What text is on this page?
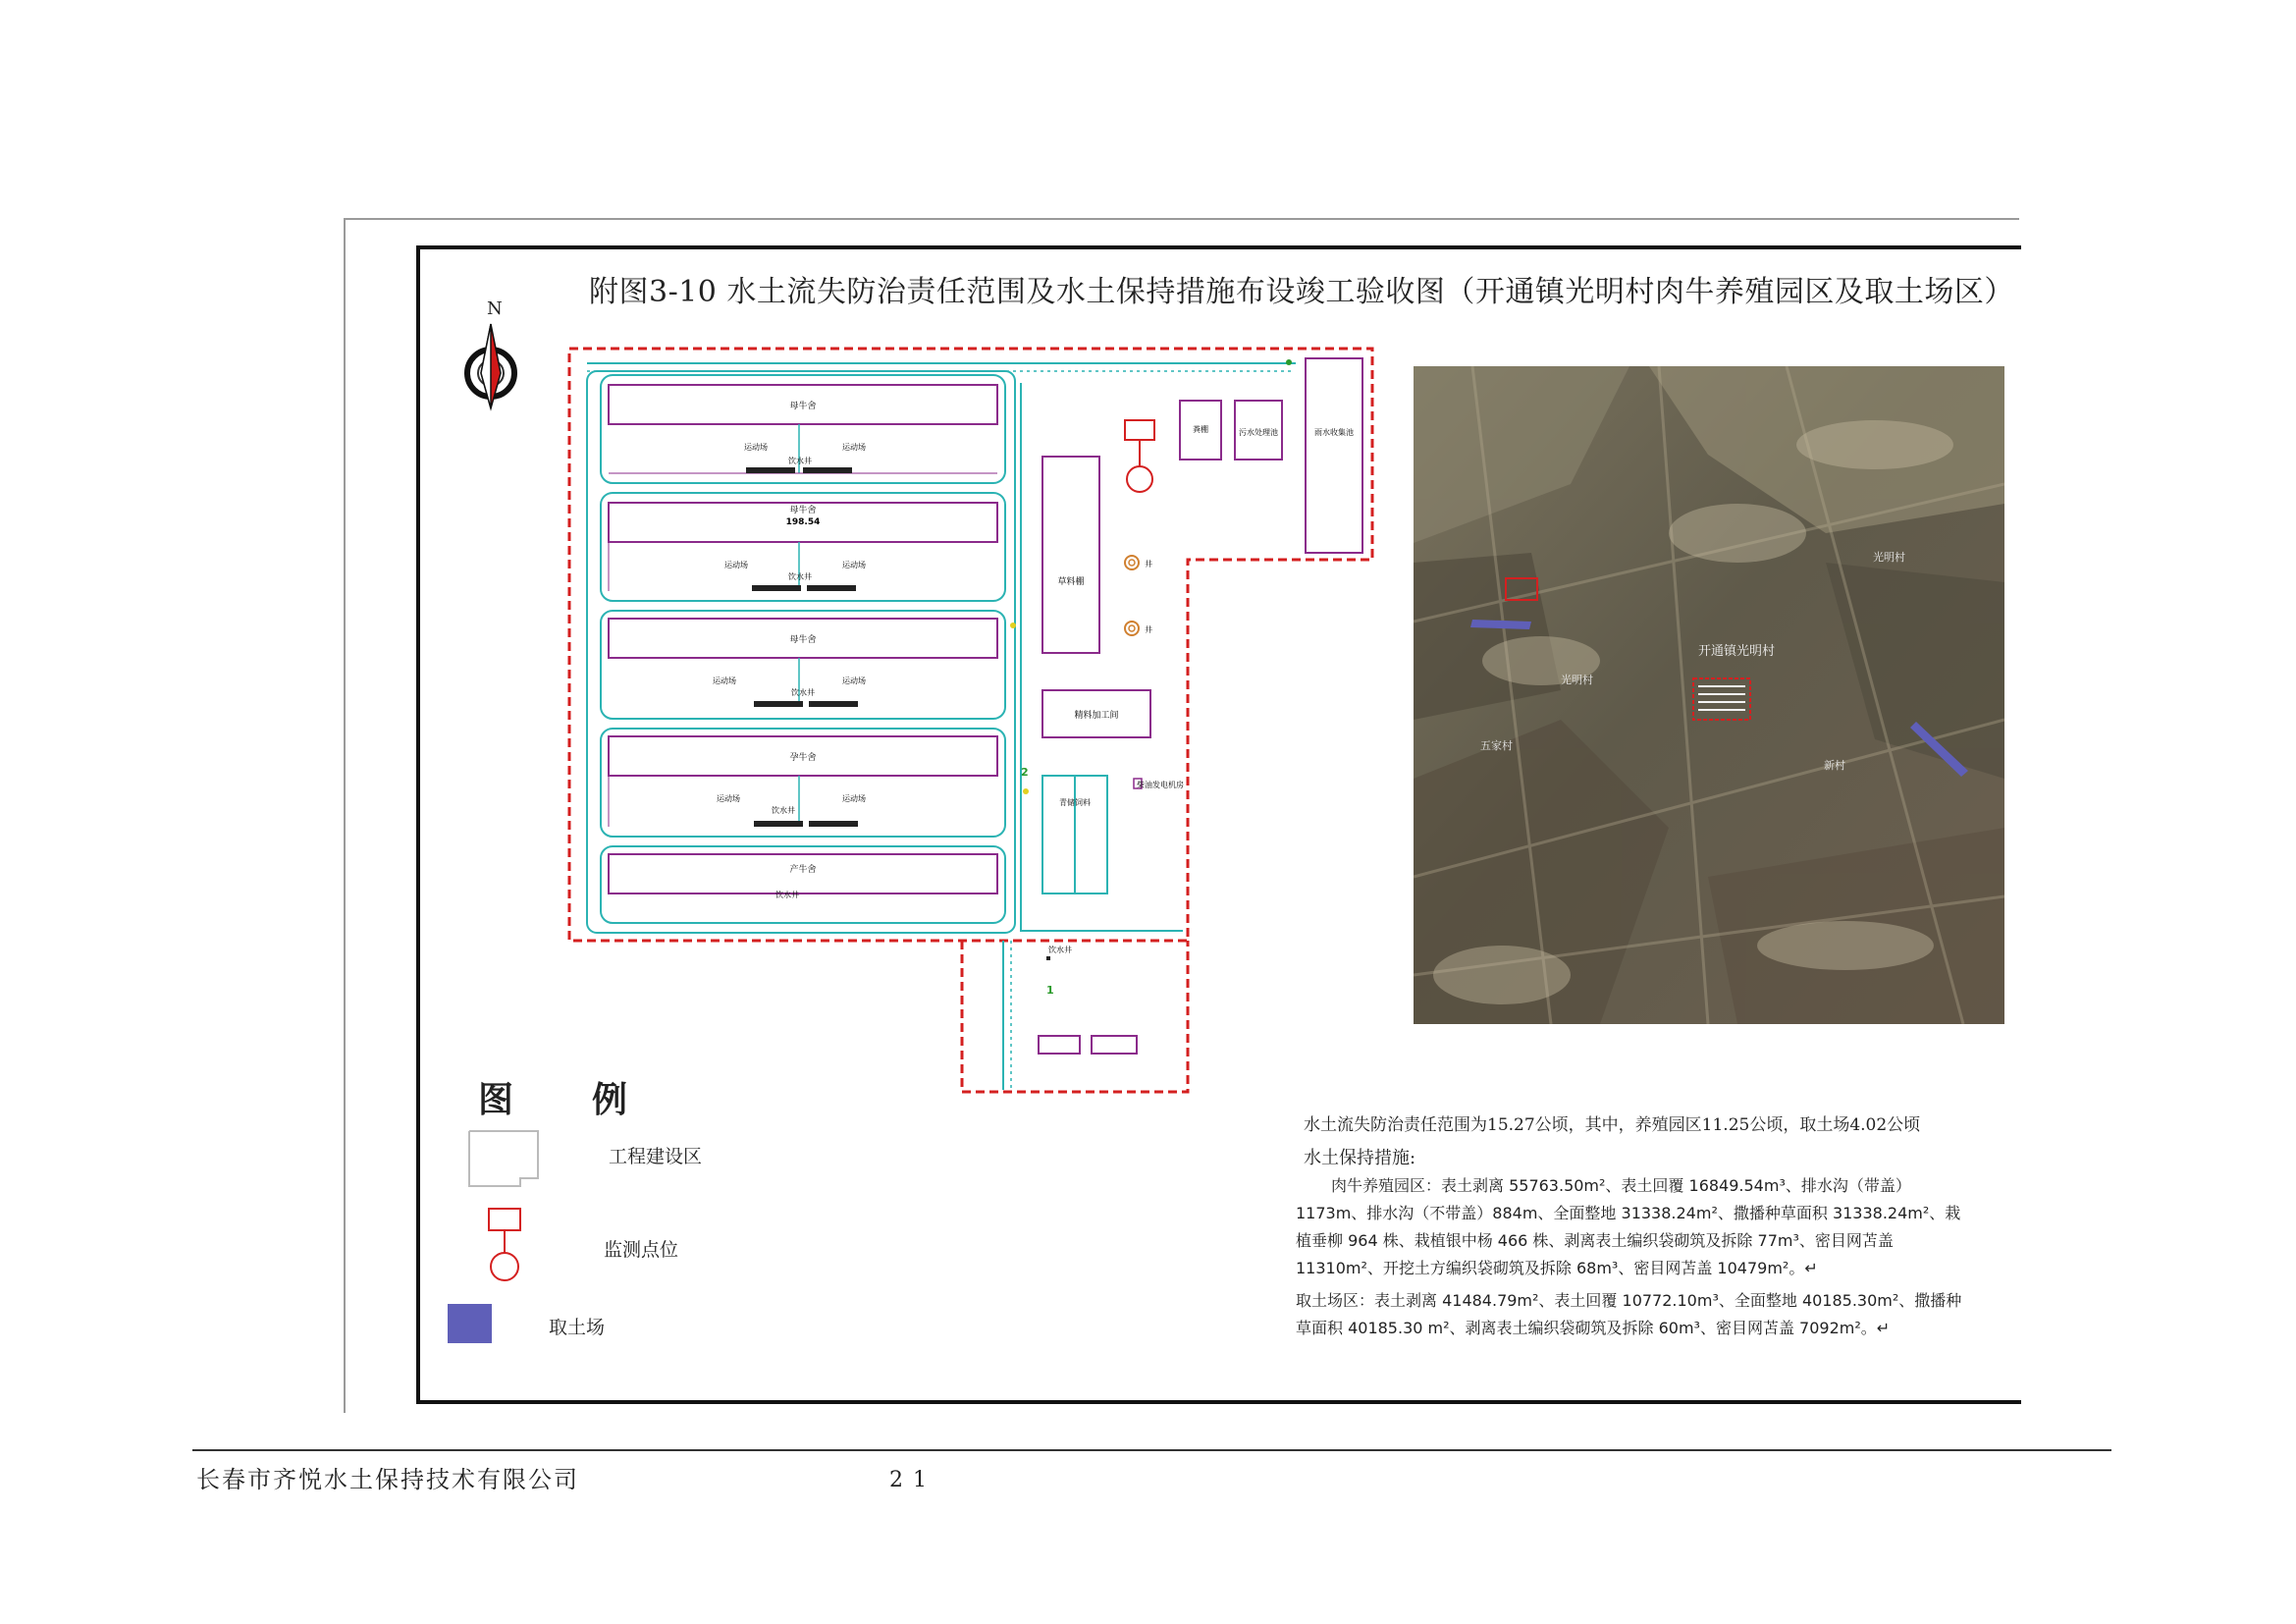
附图3-10 水土流失防治责任范围及水土保持措施布设竣工验收图（开通镇光明村肉牛养殖园区及取土场区）
N
母牛舍
运动场	运动场
饮水井
母牛舍
198.54
运动场	运动场
饮水井
母牛舍
运动场	运动场
饮水井
孕牛舍
运动场	运动场
饮水井
产牛舍
饮水井
草料棚
精料加工间
青储饲料
粪棚	污水处理池	雨水收集池
柴油发电机房
井
井
2
1
饮水井
开通镇光明村
光明村
五家村
新村
光明村
图 例
工程建设区
监测点位
取土场
水土流失防治责任范围为15.27公顷，其中，养殖园区11.25公顷，取土场4.02公顷
水土保持措施:
肉牛养殖园区：表土剥离 55763.50m²、表土回覆 16849.54m³、排水沟（带盖）1173m、排水沟（不带盖）884m、全面整地 31338.24m²、撒播种草面积 31338.24m²、栽植垂柳 964 株、栽植银中杨 466 株、剥离表土编织袋砌筑及拆除 77m³、密目网苫盖 11310m²、开挖土方编织袋砌筑及拆除 68m³、密目网苫盖 10479m²。↵
取土场区：表土剥离 41484.79m²、表土回覆 10772.10m³、全面整地 40185.30m²、撒播种草面积 40185.30 m²、剥离表土编织袋砌筑及拆除 60m³、密目网苫盖 7092m²。↵
长春市齐悦水土保持技术有限公司	21
